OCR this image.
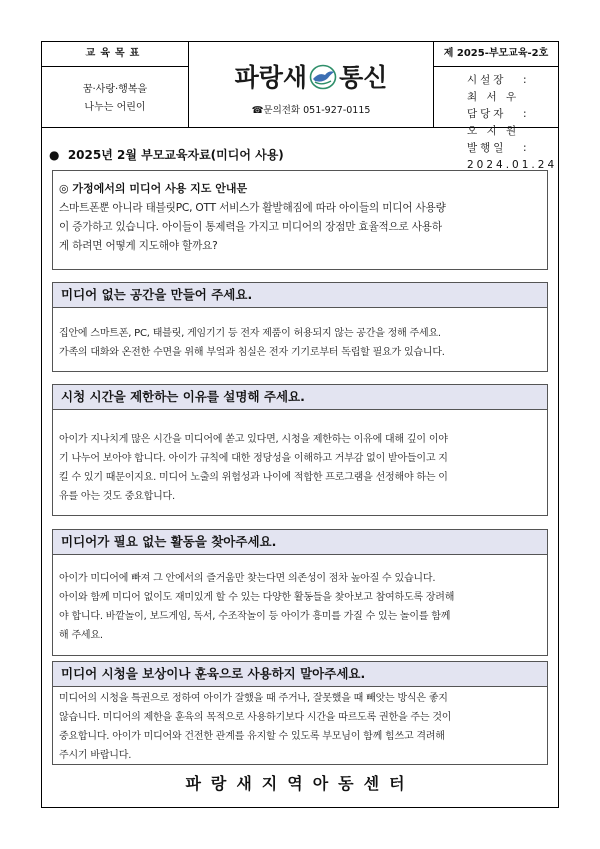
교육목표
꿈·사랑·행복을
나누는 어린이
파랑새 통신
☎문의전화 051-927-0115
제 2025-부모교육-2호
시설장 :최 서 우
담당자 :오 지 원
발행일 :2024.01.24
●  2025년 2월 부모교육자료(미디어 사용)
◎ 가정에서의 미디어 사용 지도 안내문
스마트폰뿐 아니라 태블릿PC, OTT 서비스가 활발해짐에 따라 아이들의 미디어 사용량
이 증가하고 있습니다. 아이들이 통제력을 가지고 미디어의 장점만 효율적으로 사용하
게 하려면 어떻게 지도해야 할까요?
미디어 없는 공간을 만들어 주세요.
집안에 스마트폰, PC, 태블릿, 게임기기 등 전자 제품이 허용되지 않는 공간을 정해 주세요.
가족의 대화와 온전한 수면을 위해 부엌과 침실은 전자 기기로부터 독립할 필요가 있습니다.
시청 시간을 제한하는 이유를 설명해 주세요.
아이가 지나치게 많은 시간을 미디어에 쏟고 있다면, 시청을 제한하는 이유에 대해 깊이 이야
기 나누어 보아야 합니다. 아이가 규칙에 대한 정당성을 이해하고 거부감 없이 받아들이고 지
킬 수 있기 때문이지요. 미디어 노출의 위험성과 나이에 적합한 프로그램을 선정해야 하는 이
유를 아는 것도 중요합니다.
미디어가 필요 없는 활동을 찾아주세요.
아이가 미디어에 빠져 그 안에서의 즐거움만 찾는다면 의존성이 점차 높아질 수 있습니다.
아이와 함께 미디어 없이도 재미있게 할 수 있는 다양한 활동들을 찾아보고 참여하도록 장려해
야 합니다. 바깥놀이, 보드게임, 독서, 수조작놀이 등 아이가 흥미를 가질 수 있는 놀이를 함께
해 주세요.
미디어 시청을 보상이나 훈육으로 사용하지 말아주세요.
미디어의 시청을 특권으로 정하여 아이가 잘했을 때 주거나, 잘못했을 때 빼앗는 방식은 좋지
않습니다. 미디어의 제한을 훈육의 목적으로 사용하기보다 시간을 따르도록 권한을 주는 것이
중요합니다. 아이가 미디어와 건전한 관계를 유지할 수 있도록 부모님이 함께 힘쓰고 격려해
주시기 바랍니다.
파랑새지역아동센터
